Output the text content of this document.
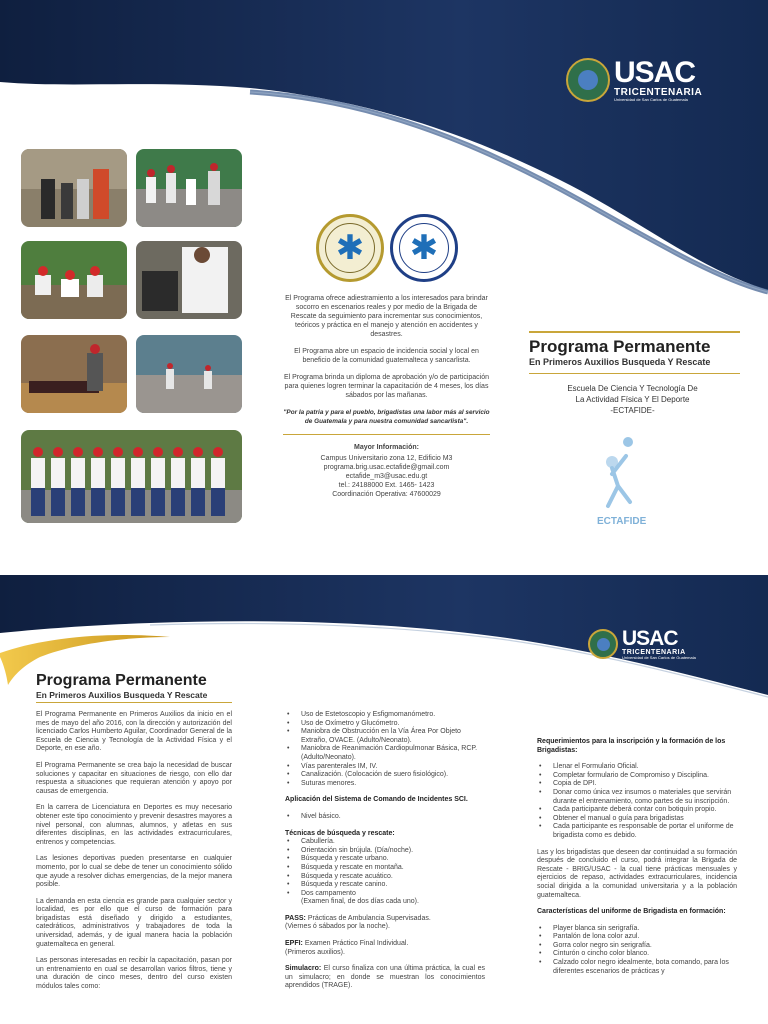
USAC
TRICENTENARIA
Universidad de San Carlos de Guatemala
✱ ✱

El Programa ofrece adiestramiento a los interesados para brindar socorro en escenarios reales y por medio de la Brigada de Rescate da seguimiento para incrementar sus conocimientos, teóricos y práctica en el manejo y atención en accidentes y desastres.

El Programa abre un espacio de incidencia social y local en beneficio de la comunidad guatemalteca y sancarlista.

El Programa brinda un diploma de aprobación y/o de participación para quienes logren terminar la capacitación de 4 meses, los días sábados por las mañanas.

"Por la patria y para el pueblo, brigadistas una labor más al servicio de Guatemala y para nuestra comunidad sancarlista".

Mayor Información:
Campus Universitario zona 12, Edificio M3
programa.brig.usac.ectafide@gmail.com
ectafide_m3@usac.edu.gt
tel.: 24188000 Ext. 1465- 1423
Coordinación Operativa: 47600029
Programa Permanente
En Primeros Auxilios Busqueda Y Rescate
Escuela De Ciencia Y Tecnología De
La Actividad Física Y El Deporte
-ECTAFIDE-
ECTAFIDE
USAC
TRICENTENARIA
Universidad de San Carlos de Guatemala
Programa Permanente
En Primeros Auxilios Busqueda Y Rescate

El Programa Permanente en Primeros Auxilios da inicio en el mes de mayo del año 2016, con la dirección y autorización del licenciado Carlos Humberto Aguilar, Coordinador General de la Escuela de Ciencia y Tecnología de la Actividad Física y el Deporte, en ese año.

El Programa Permanente se crea bajo la necesidad de buscar soluciones y capacitar en situaciones de riesgo, con ello dar respuesta a situaciones que requieran atención y apoyo por causas de emergencia.

En la carrera de Licenciatura en Deportes es muy necesario obtener este tipo conocimiento y prevenir desastres mayores a nivel personal, con alumnas, alumnos, y atletas en sus diferentes disciplinas, en las actividades extracurriculares, entrenos y competencias.

Las lesiones deportivas pueden presentarse en cualquier momento, por lo cual se debe de tener un conocimiento sólido que ayude a resolver dichas emergencias, de la mejor manera posible.

La demanda en esta ciencia es grande para cualquier sector y localidad, es por ello que el curso de formación para brigadistas está diseñado y dirigido a estudiantes, catedráticos, administrativos y trabajadores de toda la universidad, además, y de igual manera hacia la población guatemalteca en general.

Las personas interesadas en recibir la capacitación, pasan por un entrenamiento en cual se desarrollan varios filtros, tiene y una duración de cinco meses, dentro del curso existen módulos tales como:

• Uso de Estetoscopio y Esfigmomanómetro.
• Uso de Oxímetro y Glucómetro.
• Maniobra de Obstrucción en la Vía Área Por Objeto Extraño, OVACE. (Adulto/Neonato).
• Maniobra de Reanimación Cardiopulmonar Básica, RCP. (Adulto/Neonato).
• Vías parenterales IM, IV.
• Canalización. (Colocación de suero fisiológico).
• Suturas menores.
Aplicación del Sistema de Comando de Incidentes SCI.
• Nivel básico.
Técnicas de búsqueda y rescate:
• Cabullería.
• Orientación sin brújula. (Día/noche).
• Búsqueda y rescate urbano.
• Búsqueda y rescate en montaña.
• Búsqueda y rescate acuático.
• Búsqueda y rescate canino.
• Dos campamento
(Examen final, de dos días cada uno).
PASS: Prácticas de Ambulancia Supervisadas.
(Viernes ó sábados por la noche).
EPFI: Examen Práctico Final Individual.
(Primeros auxilios).

Simulacro: El curso finaliza con una última práctica, la cual es un simulacro; en donde se muestran los conocimientos aprendidos (TRAGE).

Requerimientos para la inscripción y la formación de los Brigadistas:
• Llenar el Formulario Oficial.
• Completar formulario de Compromiso y Disciplina.
• Copia de DPI.
• Donar como única vez insumos o materiales que servirán durante el entrenamiento, como partes de su inscripción.
• Cada participante deberá contar con botiquín propio.
• Obtener el manual o guía para brigadistas
• Cada participante es responsable de portar el uniforme de brigadista como es debido.

Las y los brigadistas que deseen dar continuidad a su formación después de concluido el curso, podrá integrar la Brigada de Rescate - BRIG/USAC - la cual tiene prácticas mensuales y ejercicios de repaso, actividades extracurriculares, incidencia social dirigida a la comunidad universitaria y a la población guatemalteca.

Características del uniforme de Brigadista en formación:
• Player blanca sin serigrafía.
• Pantalón de lona color azul.
• Gorra color negro sin serigrafía.
• Cinturón o cincho color blanco.
• Calzado color negro idealmente, bota comando, para los diferentes escenarios de prácticas y
